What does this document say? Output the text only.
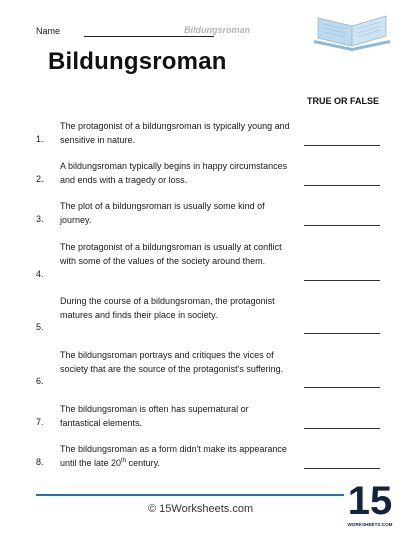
Name	Bildungsroman
Bildungsroman
TRUE OR FALSE
The protagonist of a bildungsroman is typically young and sensitive in nature.
1.
A bildungsroman typically begins in happy circumstances and ends with a tragedy or loss.
2.
The plot of a bildungsroman is usually some kind of journey.
3.
The protagonist of a bildungsroman is usually at conflict with some of the values of the society around them.
4.
During the course of a bildungsroman, the protagonist matures and finds their place in society.
5.
The bildungsroman portrays and critiques the vices of society that are the source of the protagonist's suffering.
6.
The bildungsroman is often has supernatural or fantastical elements.
7.
The bildungsroman as a form didn't make its appearance until the late 20th century.
8.
© 15Worksheets.com 15
WORKSHEETS.COM
